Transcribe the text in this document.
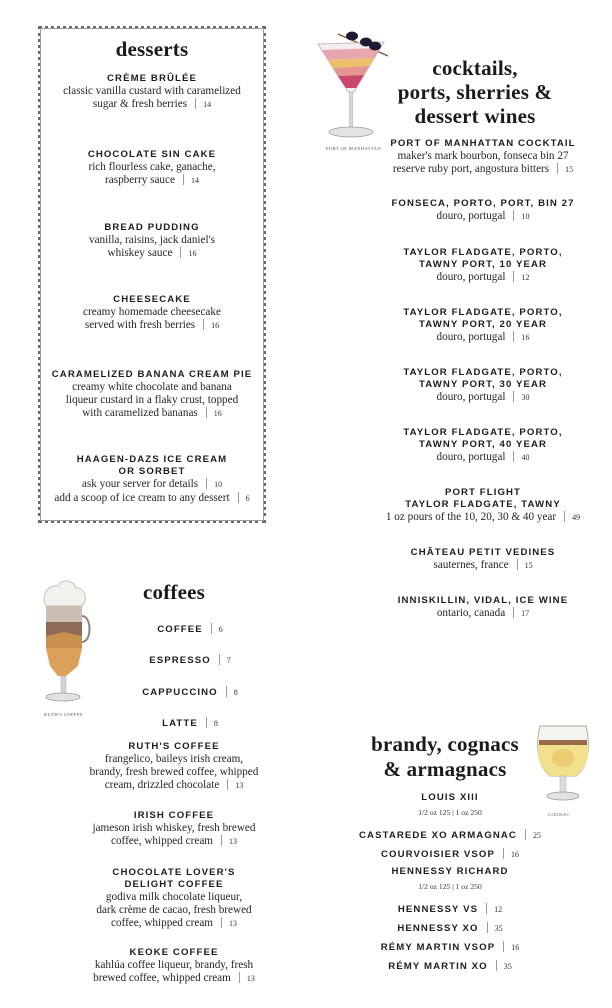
desserts
CRÈME BRÛLÉE
classic vanilla custard with caramelized
sugar & fresh berries 14
CHOCOLATE SIN CAKE
rich flourless cake, ganache,
raspberry sauce 14
BREAD PUDDING
vanilla, raisins, jack daniel's
whiskey sauce 16
CHEESECAKE
creamy homemade cheesecake
served with fresh berries 16
CARAMELIZED BANANA CREAM PIE
creamy white chocolate and banana
liqueur custard in a flaky crust, topped
with caramelized bananas 16
HAAGEN-DAZS ICE CREAM
OR SORBET
ask your server for details 10
add a scoop of ice cream to any dessert 6
PORT OF MANHATTAN
cocktails,
ports, sherries &
dessert wines
PORT OF MANHATTAN COCKTAIL
maker's mark bourbon, fonseca bin 27
reserve ruby port, angostura bitters 15
FONSECA, PORTO, PORT, BIN 27
douro, portugal 10
TAYLOR FLADGATE, PORTO,
TAWNY PORT, 10 YEAR
douro, portugal 12
TAYLOR FLADGATE, PORTO,
TAWNY PORT, 20 YEAR
douro, portugal 16
TAYLOR FLADGATE, PORTO,
TAWNY PORT, 30 YEAR
douro, portugal 30
TAYLOR FLADGATE, PORTO,
TAWNY PORT, 40 YEAR
douro, portugal 40
PORT FLIGHT
TAYLOR FLADGATE, TAWNY
1 oz pours of the 10, 20, 30 & 40 year 49
CHÂTEAU PETIT VEDINES
sauternes, france 15
INNISKILLIN, VIDAL, ICE WINE
ontario, canada 17
RUTH'S COFFEE
coffees
COFFEE 6
ESPRESSO 7
CAPPUCCINO 8
LATTE 8
RUTH'S COFFEE
frangelico, baileys irish cream,
brandy, fresh brewed coffee, whipped
cream, drizzled chocolate 13
IRISH COFFEE
jameson irish whiskey, fresh brewed
coffee, whipped cream 13
CHOCOLATE LOVER'S
DELIGHT COFFEE
godiva milk chocolate liqueur,
dark crème de cacao, fresh brewed
coffee, whipped cream 13
KEOKE COFFEE
kahlúa coffee liqueur, brandy, fresh
brewed coffee, whipped cream 13
brandy, cognacs
& armagnacs
COGNAC
LOUIS XIII
1/2 oz 125 | 1 oz 250
CASTAREDE XO ARMAGNAC 25
COURVOISIER VSOP 16
HENNESSY RICHARD
1/2 oz 125 | 1 oz 250
HENNESSY VS 12
HENNESSY XO 35
RÉMY MARTIN VSOP 16
RÉMY MARTIN XO 35
